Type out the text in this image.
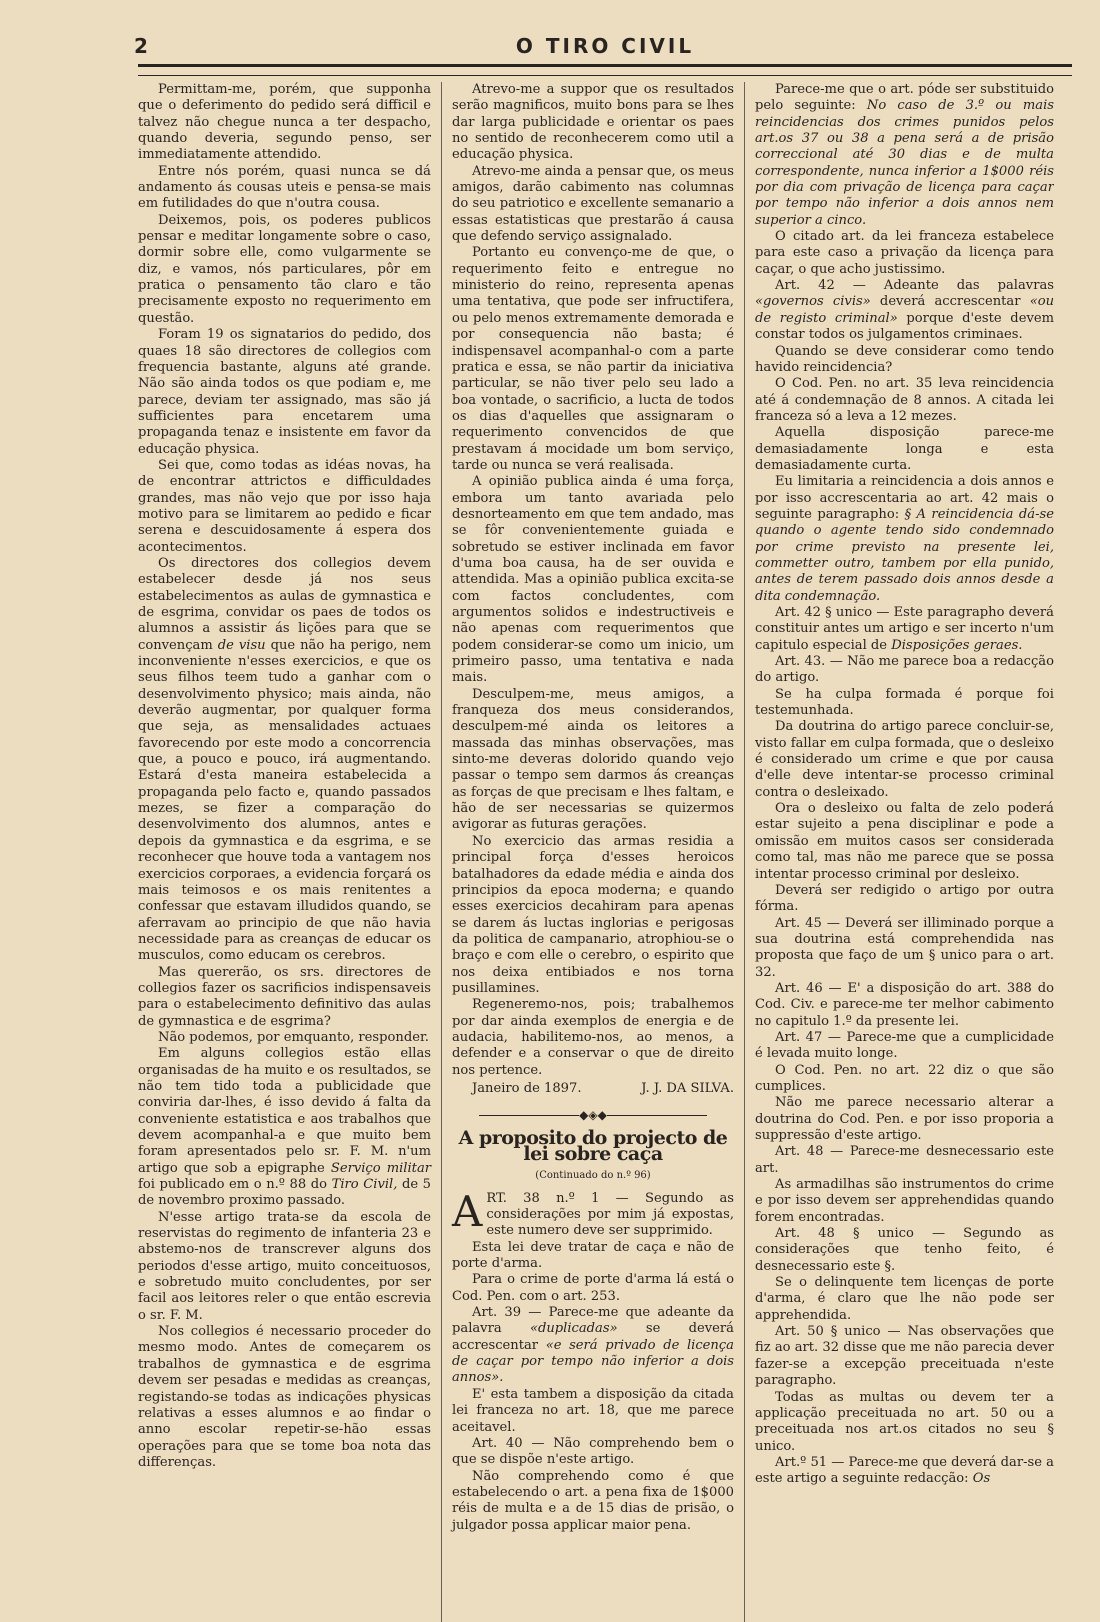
2	O TIRO CIVIL

Permittam-me, porém, que supponha que o deferimento do pedido será difficil e talvez não chegue nunca a ter despacho, quando deveria, segundo penso, ser immediatamente attendido.

Entre nós porém, quasi nunca se dá andamento ás cousas uteis e pensa-se mais em futilidades do que n'outra cousa.

Deixemos, pois, os poderes publicos pensar e meditar longamente sobre o caso, dormir sobre elle, como vulgarmente se diz, e vamos, nós particulares, pôr em pratica o pensamento tão claro e tão precisamente exposto no requerimento em questão.

Foram 19 os signatarios do pedido, dos quaes 18 são directores de collegios com frequencia bastante, alguns até grande. Não são ainda todos os que podiam e, me parece, deviam ter assignado, mas são já sufficientes para encetarem uma propaganda tenaz e insistente em favor da educação physica.

Sei que, como todas as idéas novas, ha de encontrar attrictos e difficuldades grandes, mas não vejo que por isso haja motivo para se limitarem ao pedido e ficar serena e descuidosamente á espera dos acontecimentos.

Os directores dos collegios devem estabelecer desde já nos seus estabelecimentos as aulas de gymnastica e de esgrima, convidar os paes de todos os alumnos a assistir ás lições para que se convençam de visu que não ha perigo, nem inconveniente n'esses exercicios, e que os seus filhos teem tudo a ganhar com o desenvolvimento physico; mais ainda, não deverão augmentar, por qualquer forma que seja, as mensalidades actuaes favorecendo por este modo a concorrencia que, a pouco e pouco, irá augmentando. Estará d'esta maneira estabelecida a propaganda pelo facto e, quando passados mezes, se fizer a comparação do desenvolvimento dos alumnos, antes e depois da gymnastica e da esgrima, e se reconhecer que houve toda a vantagem nos exercicios corporaes, a evidencia forçará os mais teimosos e os mais renitentes a confessar que estavam illudidos quando, se aferravam ao principio de que não havia necessidade para as creanças de educar os musculos, como educam os cerebros.

Mas quererão, os srs. directores de collegios fazer os sacrificios indispensaveis para o estabelecimento definitivo das aulas de gymnastica e de esgrima?

Não podemos, por emquanto, responder.

Em alguns collegios estão ellas organisadas de ha muito e os resultados, se não tem tido toda a publicidade que conviria dar-lhes, é isso devido á falta da conveniente estatistica e aos trabalhos que devem acompanhal-a e que muito bem foram apresentados pelo sr. F. M. n'um artigo que sob a epigraphe Serviço militar foi publicado em o n.º 88 do Tiro Civil, de 5 de novembro proximo passado.

N'esse artigo trata-se da escola de reservistas do regimento de infanteria 23 e abstemo-nos de transcrever alguns dos periodos d'esse artigo, muito conceituosos, e sobretudo muito concludentes, por ser facil aos leitores reler o que então escrevia o sr. F. M.

Nos collegios é necessario proceder do mesmo modo. Antes de começarem os trabalhos de gymnastica e de esgrima devem ser pesadas e medidas as creanças, registando-se todas as indicações physicas relativas a esses alumnos e ao findar o anno escolar repetir-se-hão essas operações para que se tome boa nota das differenças.

Atrevo-me a suppor que os resultados serão magnificos, muito bons para se lhes dar larga publicidade e orientar os paes no sentido de reconhecerem como util a educação physica.

Atrevo-me ainda a pensar que, os meus amigos, darão cabimento nas columnas do seu patriotico e excellente semanario a essas estatisticas que prestarão á causa que defendo serviço assignalado.

Portanto eu convenço-me de que, o requerimento feito e entregue no ministerio do reino, representa apenas uma tentativa, que pode ser infructifera, ou pelo menos extremamente demorada e por consequencia não basta; é indispensavel acompanhal-o com a parte pratica e essa, se não partir da iniciativa particular, se não tiver pelo seu lado a boa vontade, o sacrificio, a lucta de todos os dias d'aquelles que assignaram o requerimento convencidos de que prestavam á mocidade um bom serviço, tarde ou nunca se verá realisada.

A opinião publica ainda é uma força, embora um tanto avariada pelo desnorteamento em que tem andado, mas se fôr convenientemente guiada e sobretudo se estiver inclinada em favor d'uma boa causa, ha de ser ouvida e attendida. Mas a opinião publica excita-se com factos concludentes, com argumentos solidos e indestructiveis e não apenas com requerimentos que podem considerar-se como um inicio, um primeiro passo, uma tentativa e nada mais.

Desculpem-me, meus amigos, a franqueza dos meus considerandos, desculpem-mé ainda os leitores a massada das minhas observações, mas sinto-me deveras dolorido quando vejo passar o tempo sem darmos ás creanças as forças de que precisam e lhes faltam, e hão de ser necessarias se quizermos avigorar as futuras gerações.

No exercicio das armas residia a principal força d'esses heroicos batalhadores da edade média e ainda dos principios da epoca moderna; e quando esses exercicios decahiram para apenas se darem ás luctas inglorias e perigosas da politica de campanario, atrophiou-se o braço e com elle o cerebro, o espirito que nos deixa entibiados e nos torna pusillamines.

Regeneremo-nos, pois; trabalhemos por dar ainda exemplos de energia e de audacia, habilitemo-nos, ao menos, a defender e a conservar o que de direito nos pertence.

Janeiro de 1897.	J. J. DA SILVA.
◆◈◆
A proposito do projecto de lei sobre caça
(Continuado do n.º 96)

ART. 38 n.º 1 — Segundo as considerações por mim já expostas, este numero deve ser supprimido.

Esta lei deve tratar de caça e não de porte d'arma.

Para o crime de porte d'arma lá está o Cod. Pen. com o art. 253.

Art. 39 — Parece-me que adeante da palavra «duplicadas» se deverá accrescentar «e será privado de licença de caçar por tempo não inferior a dois annos».

E' esta tambem a disposição da citada lei franceza no art. 18, que me parece aceitavel.

Art. 40 — Não comprehendo bem o que se dispõe n'este artigo.

Não comprehendo como é que estabelecendo o art. a pena fixa de 1$000 réis de multa e a de 15 dias de prisão, o julgador possa applicar maior pena.

Parece-me que o art. póde ser substituido pelo seguinte: No caso de 3.º ou mais reincidencias dos crimes punidos pelos art.os 37 ou 38 a pena será a de prisão correccional até 30 dias e de multa correspondente, nunca inferior a 1$000 réis por dia com privação de licença para caçar por tempo não inferior a dois annos nem superior a cinco.

O citado art. da lei franceza estabelece para este caso a privação da licença para caçar, o que acho justissimo.

Art. 42 — Adeante das palavras «governos civis» deverá accrescentar «ou de registo criminal» porque d'este devem constar todos os julgamentos criminaes.

Quando se deve considerar como tendo havido reincidencia?

O Cod. Pen. no art. 35 leva reincidencia até á condemnação de 8 annos. A citada lei franceza só a leva a 12 mezes.

Aquella disposição parece-me demasiadamente longa e esta demasiadamente curta.

Eu limitaria a reincidencia a dois annos e por isso accrescentaria ao art. 42 mais o seguinte paragrapho: § A reincidencia dá-se quando o agente tendo sido condemnado por crime previsto na presente lei, commetter outro, tambem por ella punido, antes de terem passado dois annos desde a dita condemnação.

Art. 42 § unico — Este paragrapho deverá constituir antes um artigo e ser incerto n'um capitulo especial de Disposições geraes.

Art. 43. — Não me parece boa a redacção do artigo.

Se ha culpa formada é porque foi testemunhada.

Da doutrina do artigo parece concluir-se, visto fallar em culpa formada, que o desleixo é considerado um crime e que por causa d'elle deve intentar-se processo criminal contra o desleixado.

Ora o desleixo ou falta de zelo poderá estar sujeito a pena disciplinar e pode a omissão em muitos casos ser considerada como tal, mas não me parece que se possa intentar processo criminal por desleixo.

Deverá ser redigido o artigo por outra fórma.

Art. 45 — Deverá ser illiminado porque a sua doutrina está comprehendida nas proposta que faço de um § unico para o art. 32.

Art. 46 — E' a disposição do art. 388 do Cod. Civ. e parece-me ter melhor cabimento no capitulo 1.º da presente lei.

Art. 47 — Parece-me que a cumplicidade é levada muito longe.

O Cod. Pen. no art. 22 diz o que são cumplices.

Não me parece necessario alterar a doutrina do Cod. Pen. e por isso proporia a suppressão d'este artigo.

Art. 48 — Parece-me desnecessario este art.

As armadilhas são instrumentos do crime e por isso devem ser apprehendidas quando forem encontradas.

Art. 48 § unico — Segundo as considerações que tenho feito, é desnecessario este §.

Se o delinquente tem licenças de porte d'arma, é claro que lhe não pode ser apprehendida.

Art. 50 § unico — Nas observações que fiz ao art. 32 disse que me não parecia dever fazer-se a excepção preceituada n'este paragrapho.

Todas as multas ou devem ter a applicação preceituada no art. 50 ou a preceituada nos art.os citados no seu § unico.

Art.º 51 — Parece-me que deverá dar-se a este artigo a seguinte redacção: Os
